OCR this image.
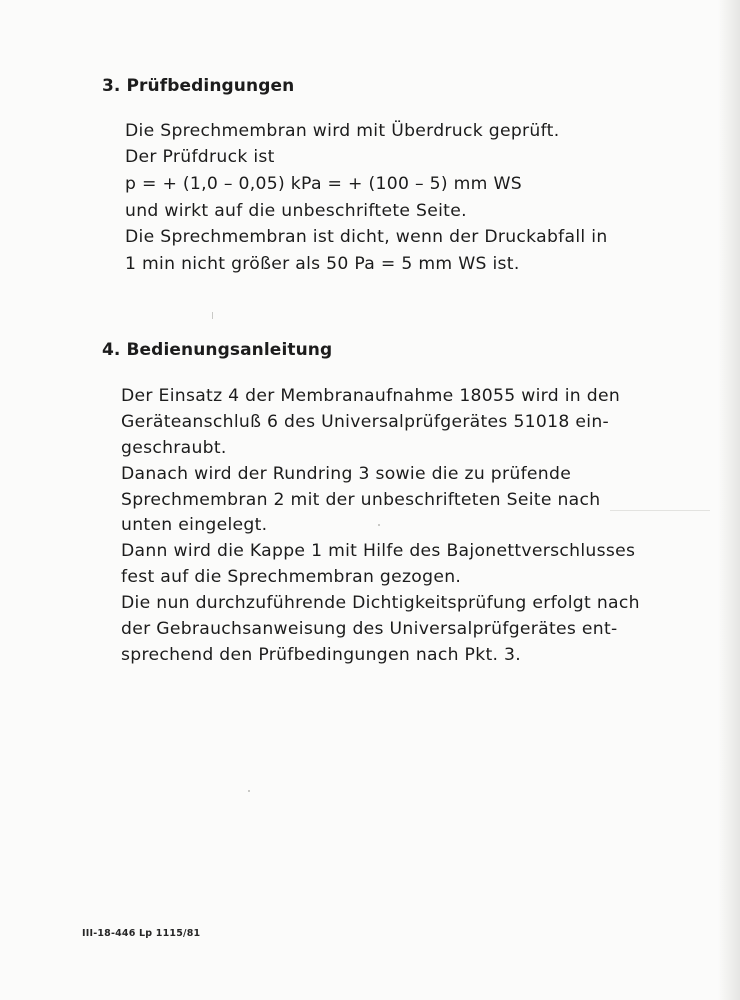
3. Prüfbedingungen

Die Sprechmembran wird mit Überdruck geprüft.

Der Prüfdruck ist

p = + (1,0 – 0,05) kPa = + (100 – 5) mm WS

und wirkt auf die unbeschriftete Seite.

Die Sprechmembran ist dicht, wenn der Druckabfall in

1 min nicht größer als 50 Pa = 5 mm WS ist.

4. Bedienungsanleitung

Der Einsatz 4 der Membranaufnahme 18055 wird in den

Geräteanschluß 6 des Universalprüfgerätes 51018 ein-

geschraubt.

Danach wird der Rundring 3 sowie die zu prüfende

Sprechmembran 2 mit der unbeschrifteten Seite nach

unten eingelegt.

Dann wird die Kappe 1 mit Hilfe des Bajonettverschlusses

fest auf die Sprechmembran gezogen.

Die nun durchzuführende Dichtigkeitsprüfung erfolgt nach

der Gebrauchsanweisung des Universalprüfgerätes ent-

sprechend den Prüfbedingungen nach Pkt. 3.

III-18-446 Lp 1115/81
